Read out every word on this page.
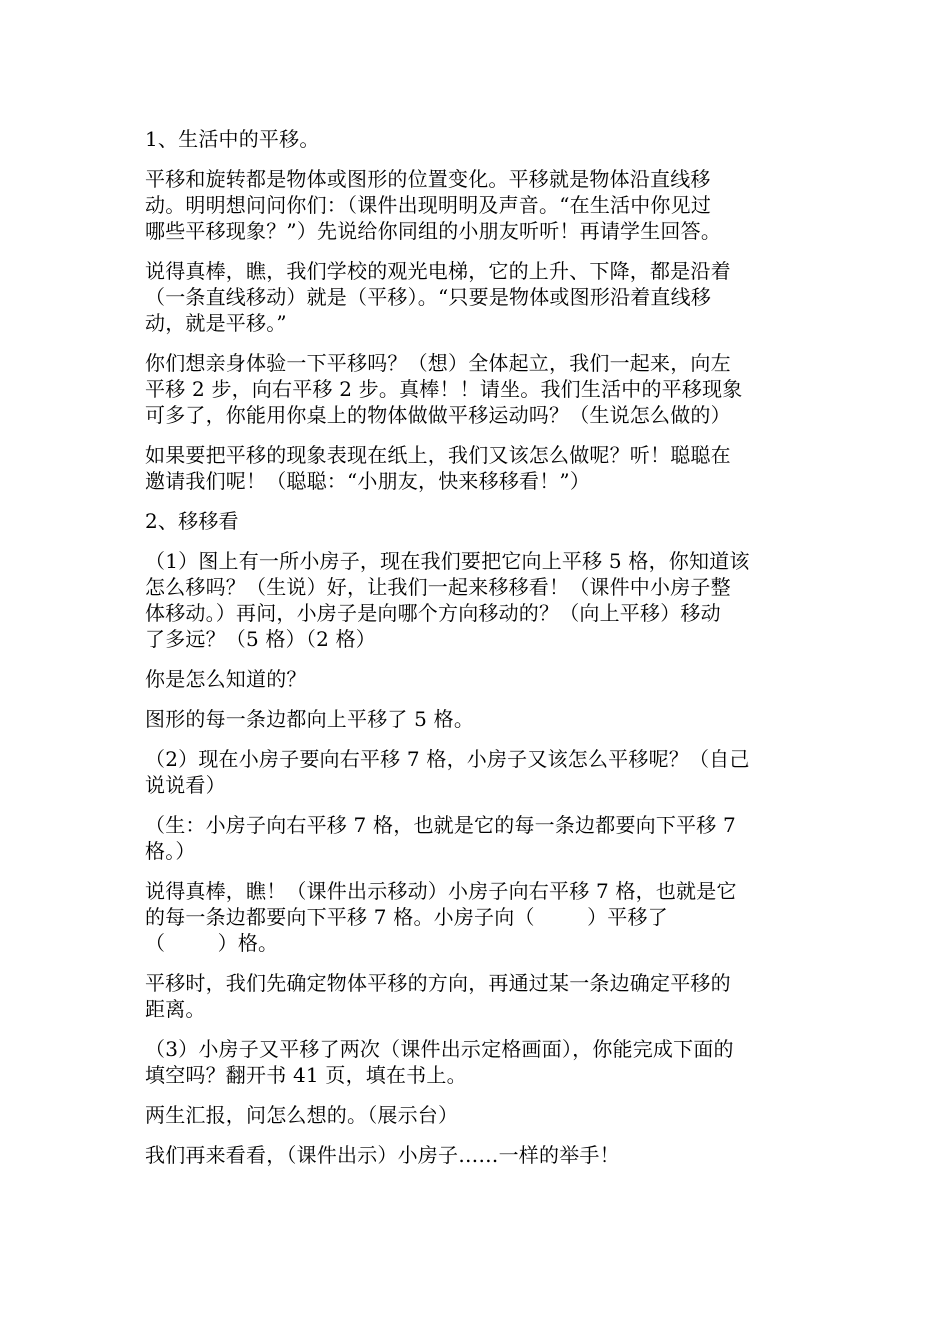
1、生活中的平移。
平移和旋转都是物体或图形的位置变化。平移就是物体沿直线移
动。明明想问问你们：（课件出现明明及声音。“在生活中你见过
哪些平移现象？”）先说给你同组的小朋友听听！再请学生回答。
说得真棒，瞧，我们学校的观光电梯，它的上升、下降，都是沿着
（一条直线移动）就是（平移）。“只要是物体或图形沿着直线移
动，就是平移。”
你们想亲身体验一下平移吗？（想）全体起立，我们一起来，向左
平移 2 步，向右平移 2 步。真棒！！请坐。我们生活中的平移现象
可多了，你能用你桌上的物体做做平移运动吗？（生说怎么做的）
如果要把平移的现象表现在纸上，我们又该怎么做呢？听！聪聪在
邀请我们呢！（聪聪：“小朋友，快来移移看！”）
2、移移看
（1）图上有一所小房子，现在我们要把它向上平移 5 格，你知道该
怎么移吗？（生说）好，让我们一起来移移看！（课件中小房子整
体移动。）再问，小房子是向哪个方向移动的？（向上平移）移动
了多远？（5 格）（2 格）
你是怎么知道的？
图形的每一条边都向上平移了 5 格。
（2）现在小房子要向右平移 7 格，小房子又该怎么平移呢？（自己
说说看）
（生：小房子向右平移 7 格，也就是它的每一条边都要向下平移 7
格。）
说得真棒，瞧！（课件出示移动）小房子向右平移 7 格，也就是它
的每一条边都要向下平移 7 格。小房子向（        ）平移了
（        ）格。
平移时，我们先确定物体平移的方向，再通过某一条边确定平移的
距离。
（3）小房子又平移了两次（课件出示定格画面），你能完成下面的
填空吗？翻开书 41 页，填在书上。
两生汇报，问怎么想的。（展示台）
我们再来看看，（课件出示）小房子……一样的举手！
